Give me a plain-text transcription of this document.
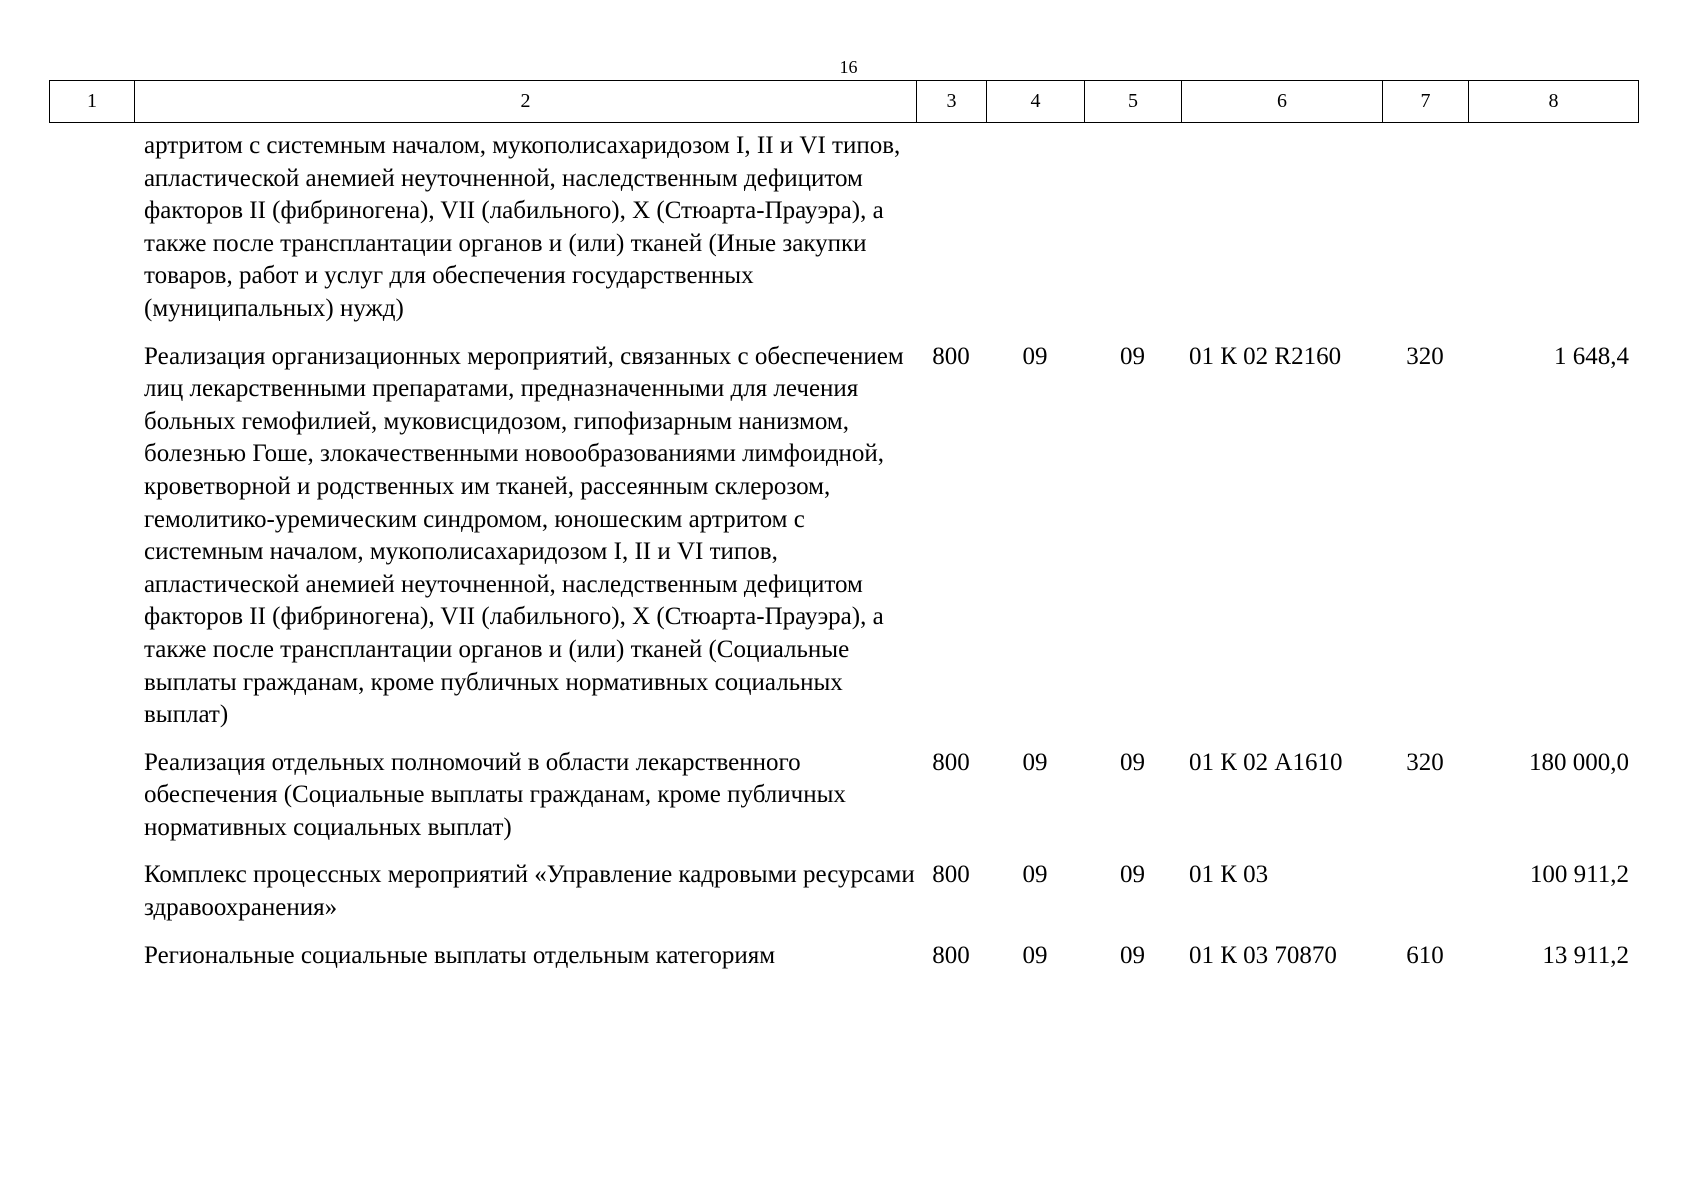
16
1	2	3	4	5	6	7	8
артритом с системным началом, мукополисахаридозом I, II и VI типов, апластической анемией неуточненной, наследственным дефицитом факторов II (фибриногена), VII (лабильного), X (Стюарта-Прауэра), а также после трансплантации органов и (или) тканей (Иные закупки товаров, работ и услуг для обеспечения государственных (муниципальных) нужд)						
Реализация организационных мероприятий, связанных с обеспечением лиц лекарственными препаратами, предназначенными для лечения больных гемофилией, муковисцидозом, гипофизарным нанизмом, болезнью Гоше, злокачественными новообразованиями лимфоидной, кроветворной и родственных им тканей, рассеянным склерозом, гемолитико-уремическим синдромом, юношеским артритом с системным началом, мукополисахаридозом I, II и VI типов, апластической анемией неуточненной, наследственным дефицитом факторов II (фибриногена), VII (лабильного), X (Стюарта-Прауэра), а также после трансплантации органов и (или) тканей (Социальные выплаты гражданам, кроме публичных нормативных социальных выплат)	800	09	09	01 К 02 R2160	320	1 648,4
Реализация отдельных полномочий в области лекарственного обеспечения (Социальные выплаты гражданам, кроме публичных нормативных социальных выплат)	800	09	09	01 К 02 А1610	320	180 000,0
Комплекс процессных мероприятий «Управление кадровыми ресурсами здравоохранения»	800	09	09	01 К 03		100 911,2
Региональные социальные выплаты отдельным категориям	800	09	09	01 К 03 70870	610	13 911,2
